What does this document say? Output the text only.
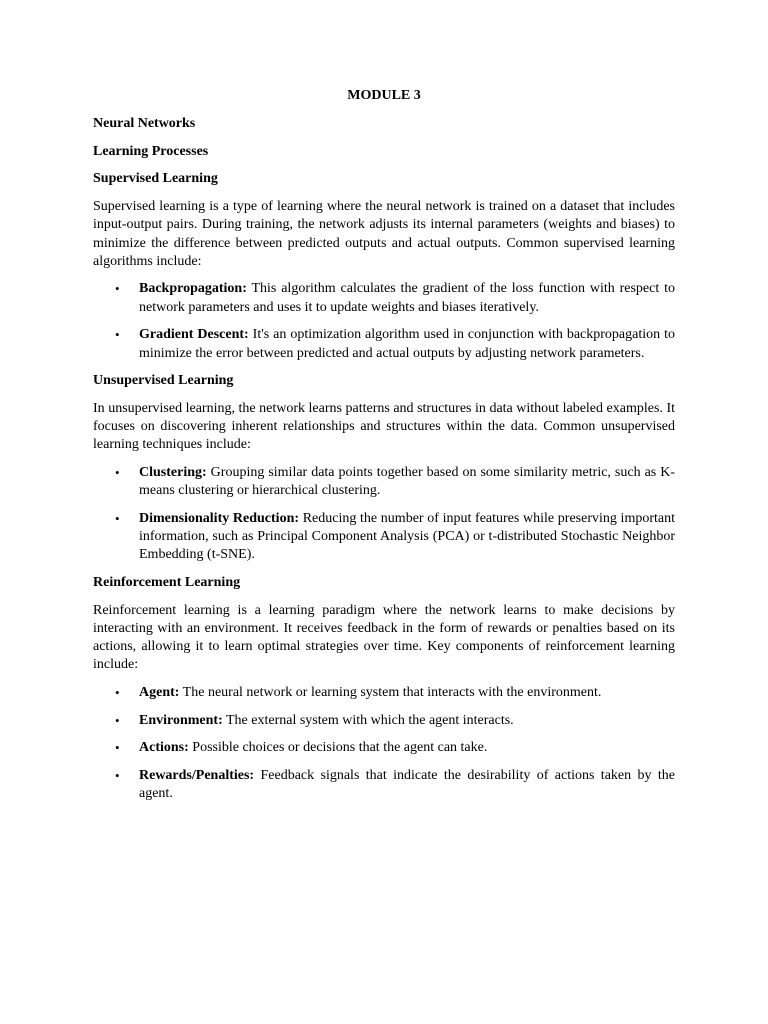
MODULE 3
Neural Networks
Learning Processes
Supervised Learning
Supervised learning is a type of learning where the neural network is trained on a dataset that includes input-output pairs. During training, the network adjusts its internal parameters (weights and biases) to minimize the difference between predicted outputs and actual outputs. Common supervised learning algorithms include:
• Backpropagation: This algorithm calculates the gradient of the loss function with respect to network parameters and uses it to update weights and biases iteratively.
• Gradient Descent: It's an optimization algorithm used in conjunction with backpropagation to minimize the error between predicted and actual outputs by adjusting network parameters.
Unsupervised Learning
In unsupervised learning, the network learns patterns and structures in data without labeled examples. It focuses on discovering inherent relationships and structures within the data. Common unsupervised learning techniques include:
• Clustering: Grouping similar data points together based on some similarity metric, such as K-means clustering or hierarchical clustering.
• Dimensionality Reduction: Reducing the number of input features while preserving important information, such as Principal Component Analysis (PCA) or t-distributed Stochastic Neighbor Embedding (t-SNE).
Reinforcement Learning
Reinforcement learning is a learning paradigm where the network learns to make decisions by interacting with an environment. It receives feedback in the form of rewards or penalties based on its actions, allowing it to learn optimal strategies over time. Key components of reinforcement learning include:
• Agent: The neural network or learning system that interacts with the environment.
• Environment: The external system with which the agent interacts.
• Actions: Possible choices or decisions that the agent can take.
• Rewards/Penalties: Feedback signals that indicate the desirability of actions taken by the agent.
